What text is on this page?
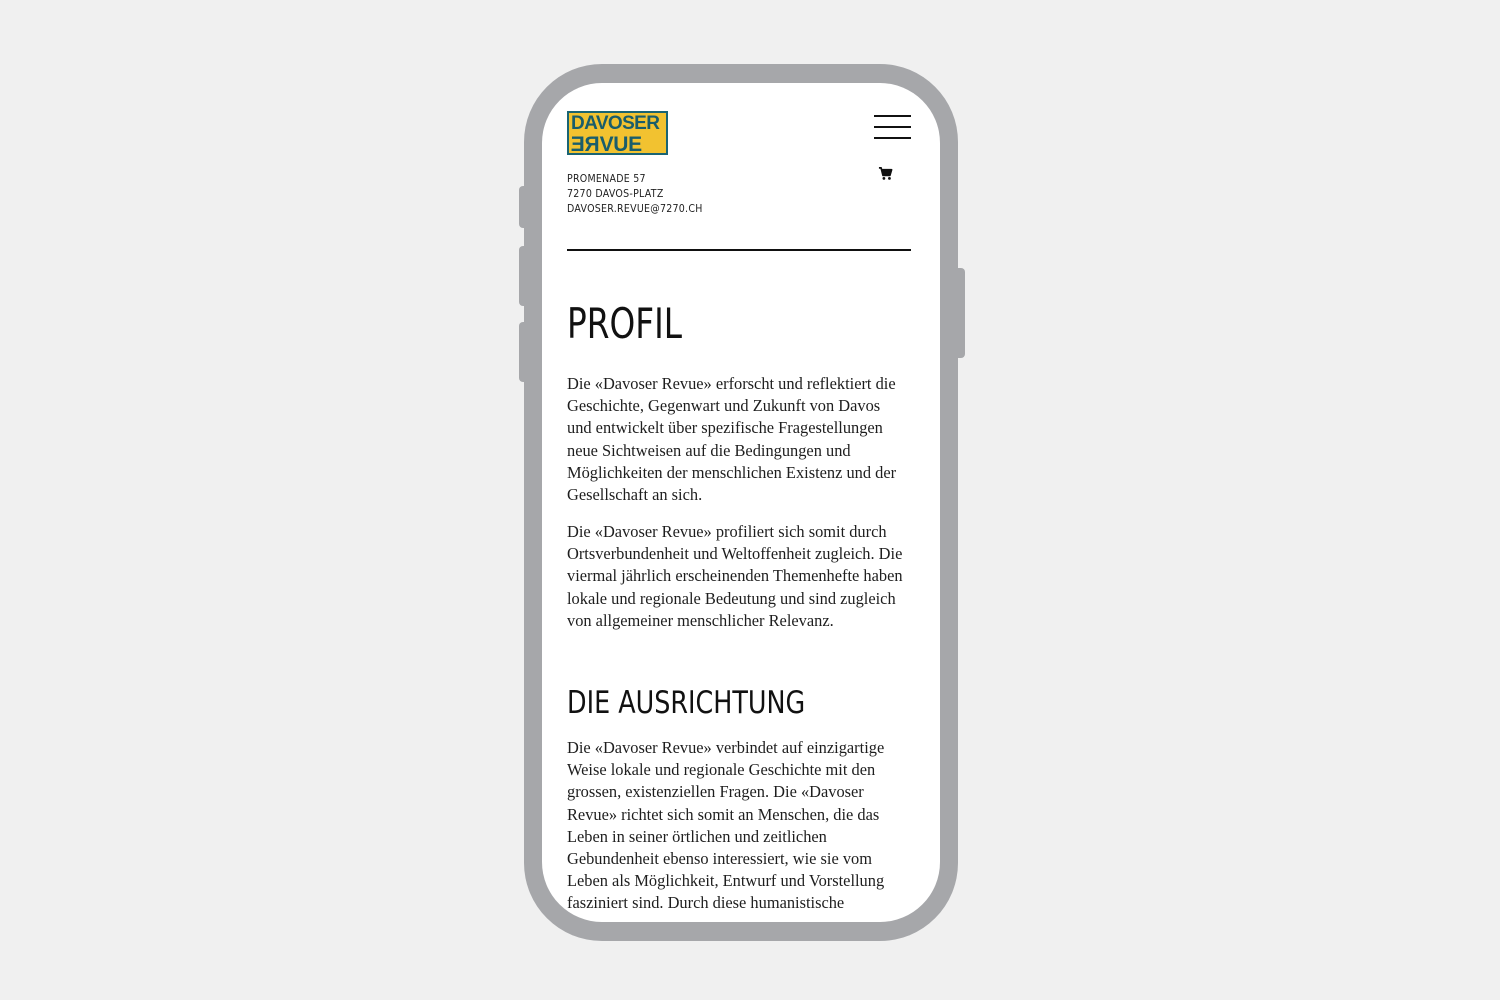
DAVOSER
REVUE
PROMENADE 57
7270 DAVOS-PLATZ
DAVOSER.REVUE@7270.CH
PROFIL
Die «Davoser Revue» erforscht und reflektiert die
Geschichte, Gegenwart und Zukunft von Davos
und entwickelt über spezifische Fragestellungen
neue Sichtweisen auf die Bedingungen und
Möglichkeiten der menschlichen Existenz und der
Gesellschaft an sich.
Die «Davoser Revue» profiliert sich somit durch
Ortsverbundenheit und Weltoffenheit zugleich. Die
viermal jährlich erscheinenden Themenhefte haben
lokale und regionale Bedeutung und sind zugleich
von allgemeiner menschlicher Relevanz.
DIE AUSRICHTUNG
Die «Davoser Revue» verbindet auf einzigartige
Weise lokale und regionale Geschichte mit den
grossen, existenziellen Fragen. Die «Davoser
Revue» richtet sich somit an Menschen, die das
Leben in seiner örtlichen und zeitlichen
Gebundenheit ebenso interessiert, wie sie vom
Leben als Möglichkeit, Entwurf und Vorstellung
fasziniert sind. Durch diese humanistische
